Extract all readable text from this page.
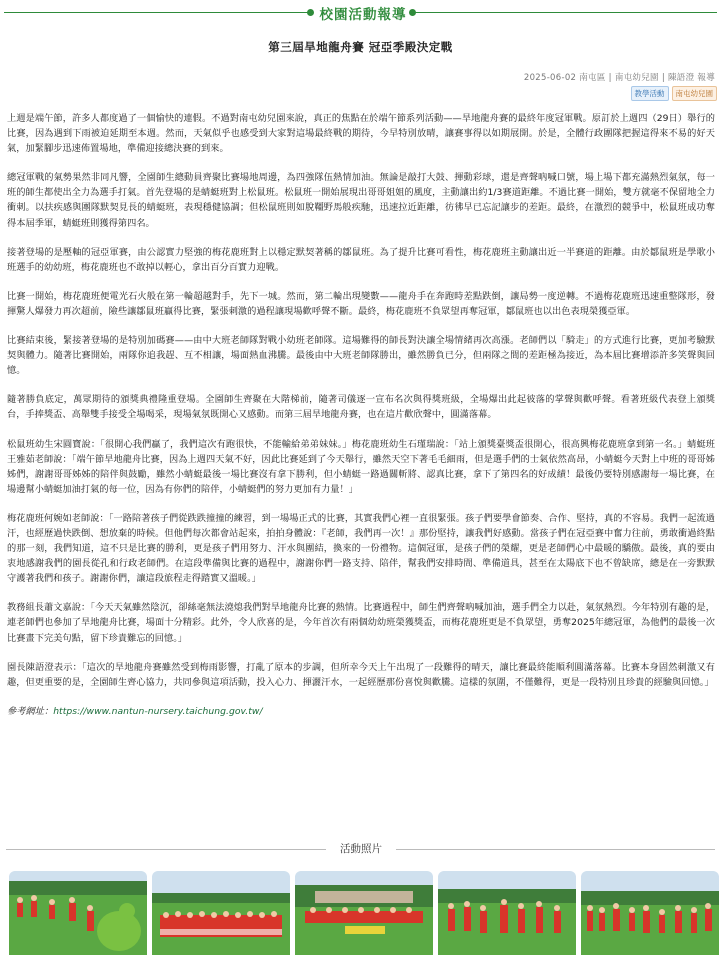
校園活動報導
第三屆旱地龍舟賽 冠亞季殿決定戰
2025-06-02 南屯區 | 南屯幼兒園 | 陳語澄 報導
教學活動	南屯幼兒園

上週是端午節，許多人都度過了一個愉快的連假。不過對南屯幼兒園來說，真正的焦點在於端午節系列活動——旱地龍舟賽的最終年度冠軍戰。原訂於上週四（29日）舉行的比賽，因為遇到下雨被迫延期至本週。然而，天氣似乎也感受到大家對這場最終戰的期待，今早特別放晴，讓賽事得以如期展開。於是，全體行政團隊把握這得來不易的好天氣，加緊腳步迅速佈置場地，準備迎接總決賽的到來。

總冠軍戰的氣勢果然非同凡響，全園師生總動員齊聚比賽場地周邊，為四強隊伍熱情加油。無論是敲打大鼓、揮動彩球，還是齊聲吶喊口號，場上場下都充滿熱烈氣氛，每一班的師生都使出全力為選手打氣。首先登場的是蜻蜓班對上松鼠班。松鼠班一開始展現出哥哥姐姐的風度，主動讓出約1/3賽道距離。不過比賽一開始，雙方就毫不保留地全力衝刺。以扶疾感與團隊默契見長的蜻蜓班，表現穩健協調；但松鼠班則如脫韁野馬般疾馳，迅速拉近距離，彷彿早已忘記讓步的差距。最終，在激烈的競爭中，松鼠班成功奪得本屆季軍，蜻蜓班則獲得第四名。

接著登場的是壓軸的冠亞軍賽，由公認實力堅強的梅花鹿班對上以穩定默契著稱的鄒鼠班。為了提升比賽可看性，梅花鹿班主動讓出近一半賽道的距離。由於鄒鼠班是學歌小班選手的幼幼班，梅花鹿班也不敢掉以輕心，拿出百分百實力迎戰。

比賽一開始，梅花鹿班便電光石火般在第一輪超越對手，先下一城。然而，第二輪出現變數——龍舟手在奔跑時差點跌倒，讓局勢一度逆轉。不過梅花鹿班迅速重整隊形，發揮驚人爆發力再次超前，險些讓鄒鼠班贏得比賽，緊張刺激的過程讓現場歡呼聲不斷。最終，梅花鹿班不負眾望再奪冠軍，鄒鼠班也以出色表現榮獲亞軍。

比賽結束後，緊接著登場的是特別加碼賽——由中大班老師隊對戰小幼班老師隊。這場難得的師長對決讓全場情緒再次高漲。老師們以「騎走」的方式進行比賽，更加考驗默契與體力。隨著比賽開始，兩隊你追我趕、互不相讓，場面熱血沸騰。最後由中大班老師隊勝出，雖然勝負已分，但兩隊之間的差距極為接近，為本屆比賽增添許多笑聲與回憶。

隨著勝負底定，萬眾期待的頒獎典禮隆重登場。全園師生齊聚在大階梯前，隨著司儀逐一宣布名次與得獎班級，全場爆出此起彼落的掌聲與歡呼聲。看著班級代表登上頒獎台，手捧獎盃、高舉雙手接受全場喝采，現場氣氛既開心又感動。而第三屆旱地龍舟賽，也在這片歡欣聲中，圓滿落幕。

松鼠班幼生宋圓寶說：「很開心我們贏了，我們這次有跑很快，不能輸給弟弟妹妹。」梅花鹿班幼生石瑾瑞說：「站上頒獎臺獎盃很開心，很高興梅花鹿班拿到第一名。」蜻蜓班王雅茹老師說：「端午節旱地龍舟比賽，因為上週四天氣不好，因此比賽延到了今天舉行，雖然天空下著毛毛細雨，但是選手們的士氣依然高昂，小蜻蜓今天對上中班的哥哥姊姊們，謝謝哥哥姊姊的陪伴與鼓勵，雖然小蜻蜓最後一場比賽沒有拿下勝利，但小蜻蜓一路過關斬將、認真比賽，拿下了第四名的好成績！最後仍要特別感謝每一場比賽，在場邊幫小蜻蜓加油打氣的每一位，因為有你們的陪伴，小蜻蜓們的努力更加有力量！」

梅花鹿班何婉如老師說：「一路陪著孩子們從跌跌撞撞的練習，到一場場正式的比賽，其實我們心裡一直很緊張。孩子們要學會節奏、合作、堅持，真的不容易。我們一起流過汗，也經歷過快跌倒、想放棄的時候。但他們每次都會站起來，拍拍身體說：『老師，我們再一次！』那份堅持，讓我們好感動。當孩子們在冠亞賽中奮力往前，勇敢衝過終點的那一刻，我們知道，這不只是比賽的勝利，更是孩子們用努力、汗水與團結，換來的一份禮物。這個冠軍，是孩子們的榮耀，更是老師們心中最暖的驕傲。最後，真的要由衷地感謝我們的園長從孔和行政老師們。在這段準備與比賽的過程中，謝謝你們一路支持、陪伴，幫我們安排時間、準備道具，甚至在太陽底下也不曾缺席，總是在一旁默默守護著我們和孩子。謝謝你們，讓這段旅程走得踏實又溫暖。」

教務組長蕭文嘉說：「今天天氣雖然陰沉，卻絲毫無法澆熄我們對旱地龍舟比賽的熱情。比賽過程中，師生們齊聲吶喊加油，選手們全力以赴，氣氛熱烈。今年特別有趣的是，連老師們也參加了旱地龍舟比賽，場面十分精彩。此外，令人欣喜的是，今年首次有兩個幼幼班榮獲獎盃，而梅花鹿班更是不負眾望，勇奪2025年總冠軍，為他們的最後一次比賽畫下完美句點，留下珍貴難忘的回憶。」

園長陳語澄表示：「這次的旱地龍舟賽雖然受到梅雨影響，打亂了原本的步調，但所幸今天上午出現了一段難得的晴天，讓比賽最終能順利圓滿落幕。比賽本身固然刺激又有趣，但更重要的是，全園師生齊心協力，共同參與這項活動，投入心力、揮灑汗水，一起經歷那份喜悅與歡騰。這樣的氛圍，不僅難得，更是一段特別且珍貴的經驗與回憶。」

參考網址：https://www.nantun-nursery.taichung.gov.tw/

活動照片
